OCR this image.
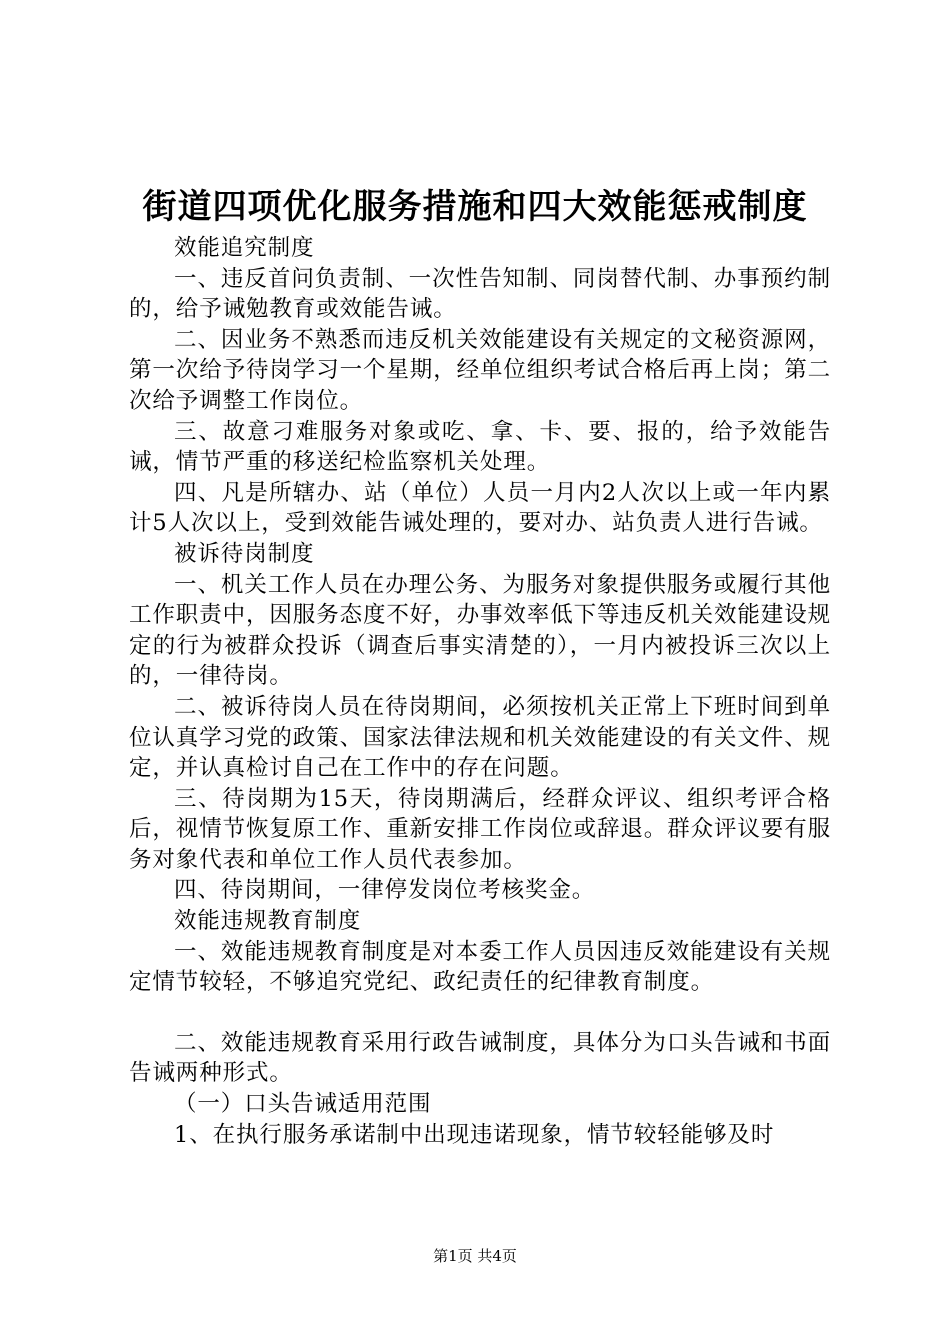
街道四项优化服务措施和四大效能惩戒制度

效能追究制度

一、违反首问负责制、一次性告知制、同岗替代制、办事预约制的，给予诫勉教育或效能告诫。

二、因业务不熟悉而违反机关效能建设有关规定的文秘资源网，第一次给予待岗学习一个星期，经单位组织考试合格后再上岗；第二次给予调整工作岗位。

三、故意刁难服务对象或吃、拿、卡、要、报的，给予效能告诫，情节严重的移送纪检监察机关处理。

四、凡是所辖办、站（单位）人员一月内2人次以上或一年内累计5人次以上，受到效能告诫处理的，要对办、站负责人进行告诫。

被诉待岗制度

一、机关工作人员在办理公务、为服务对象提供服务或履行其他工作职责中，因服务态度不好，办事效率低下等违反机关效能建设规定的行为被群众投诉（调查后事实清楚的），一月内被投诉三次以上的，一律待岗。

二、被诉待岗人员在待岗期间，必须按机关正常上下班时间到单位认真学习党的政策、国家法律法规和机关效能建设的有关文件、规定，并认真检讨自己在工作中的存在问题。

三、待岗期为15天，待岗期满后，经群众评议、组织考评合格后，视情节恢复原工作、重新安排工作岗位或辞退。群众评议要有服务对象代表和单位工作人员代表参加。

四、待岗期间，一律停发岗位考核奖金。

效能违规教育制度

一、效能违规教育制度是对本委工作人员因违反效能建设有关规定情节较轻，不够追究党纪、政纪责任的纪律教育制度。

二、效能违规教育采用行政告诫制度，具体分为口头告诫和书面告诫两种形式。

（一）口头告诫适用范围

1、在执行服务承诺制中出现违诺现象，情节较轻能够及时

第1页 共4页
